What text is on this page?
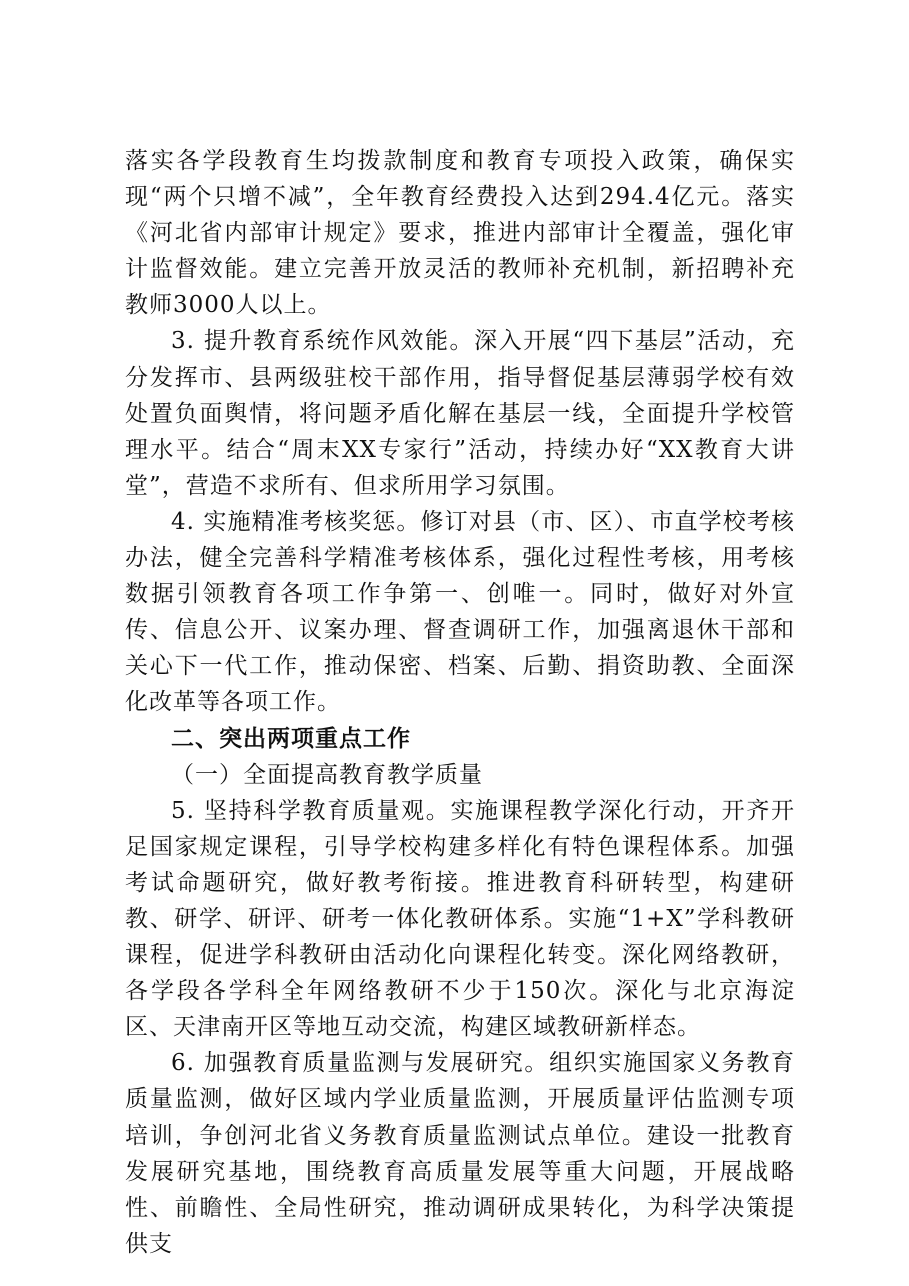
落实各学段教育生均拨款制度和教育专项投入政策，确保实现“两个只增不减”，全年教育经费投入达到294.4亿元。落实《河北省内部审计规定》要求，推进内部审计全覆盖，强化审计监督效能。建立完善开放灵活的教师补充机制，新招聘补充教师3000人以上。

3. 提升教育系统作风效能。深入开展“四下基层”活动，充分发挥市、县两级驻校干部作用，指导督促基层薄弱学校有效处置负面舆情，将问题矛盾化解在基层一线，全面提升学校管理水平。结合“周末XX专家行”活动，持续办好“XX教育大讲堂”，营造不求所有、但求所用学习氛围。

4. 实施精准考核奖惩。修订对县（市、区）、市直学校考核办法，健全完善科学精准考核体系，强化过程性考核，用考核数据引领教育各项工作争第一、创唯一。同时，做好对外宣传、信息公开、议案办理、督查调研工作，加强离退休干部和关心下一代工作，推动保密、档案、后勤、捐资助教、全面深化改革等各项工作。

二、突出两项重点工作

（一）全面提高教育教学质量

5. 坚持科学教育质量观。实施课程教学深化行动，开齐开足国家规定课程，引导学校构建多样化有特色课程体系。加强考试命题研究，做好教考衔接。推进教育科研转型，构建研教、研学、研评、研考一体化教研体系。实施“1+X”学科教研课程，促进学科教研由活动化向课程化转变。深化网络教研，各学段各学科全年网络教研不少于150次。深化与北京海淀区、天津南开区等地互动交流，构建区域教研新样态。

6. 加强教育质量监测与发展研究。组织实施国家义务教育质量监测，做好区域内学业质量监测，开展质量评估监测专项培训，争创河北省义务教育质量监测试点单位。建设一批教育发展研究基地，围绕教育高质量发展等重大问题，开展战略性、前瞻性、全局性研究，推动调研成果转化，为科学决策提供支
